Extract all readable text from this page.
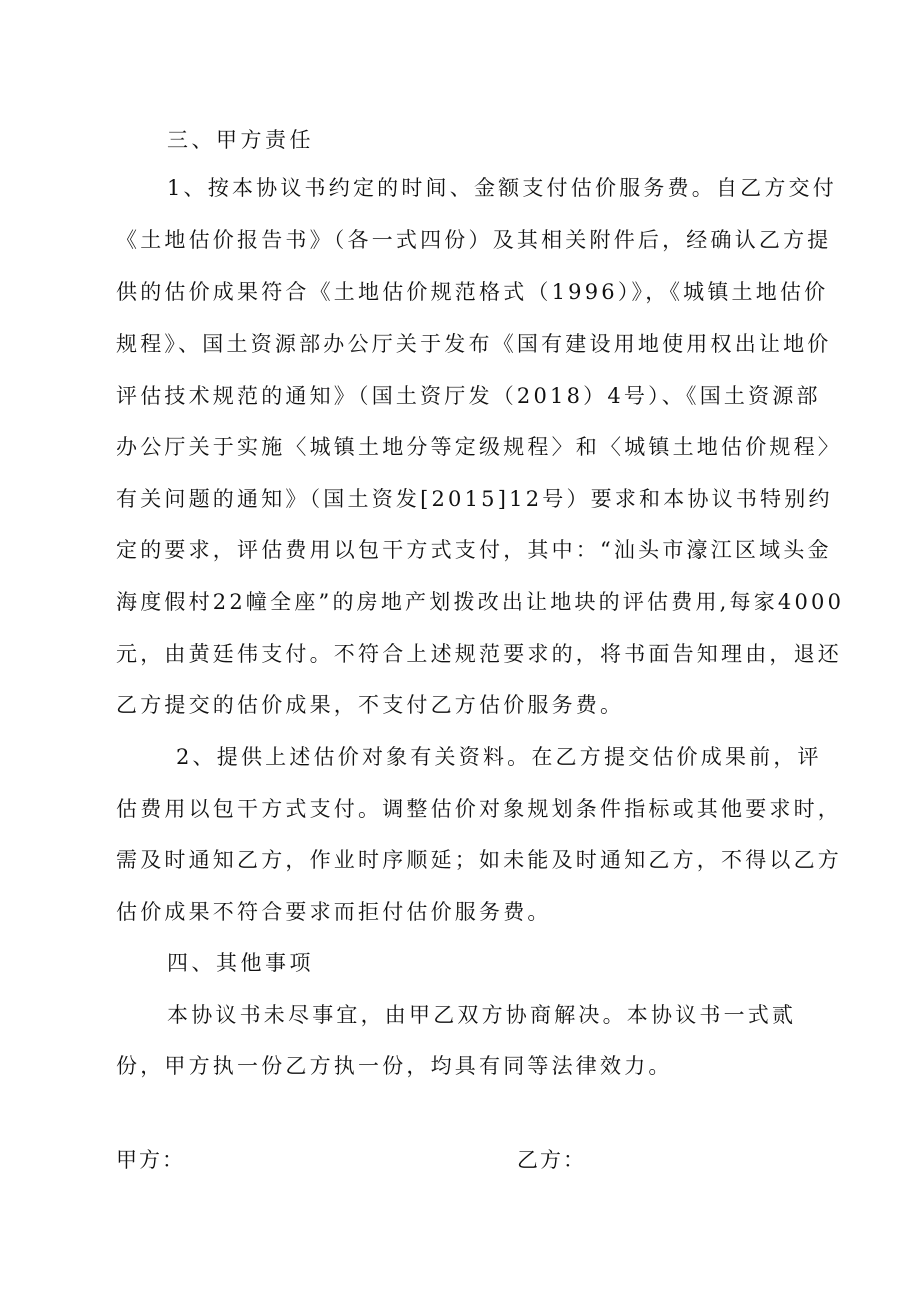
三、甲方责任
1、按本协议书约定的时间、金额支付估价服务费。自乙方交付
《土地估价报告书》（各一式四份）及其相关附件后，经确认乙方提
供的估价成果符合《土地估价规范格式（1996）》，《城镇土地估价
规程》、国土资源部办公厅关于发布《国有建设用地使用权出让地价
评估技术规范的通知》（国土资厅发（2018）4号）、《国土资源部
办公厅关于实施〈城镇土地分等定级规程〉和〈城镇土地估价规程〉
有关问题的通知》（国土资发[2015]12号）要求和本协议书特别约
定的要求，评估费用以包干方式支付，其中：“汕头市濠江区域头金
海度假村22幢全座”的房地产划拨改出让地块的评估费用,每家4000
元，由黄廷伟支付。不符合上述规范要求的，将书面告知理由，退还
乙方提交的估价成果，不支付乙方估价服务费。
2、提供上述估价对象有关资料。在乙方提交估价成果前，评
估费用以包干方式支付。调整估价对象规划条件指标或其他要求时，
需及时通知乙方，作业时序顺延；如未能及时通知乙方，不得以乙方
估价成果不符合要求而拒付估价服务费。
四、其他事项
本协议书未尽事宜，由甲乙双方协商解决。本协议书一式贰
份，甲方执一份乙方执一份，均具有同等法律效力。
甲方：	乙方：
